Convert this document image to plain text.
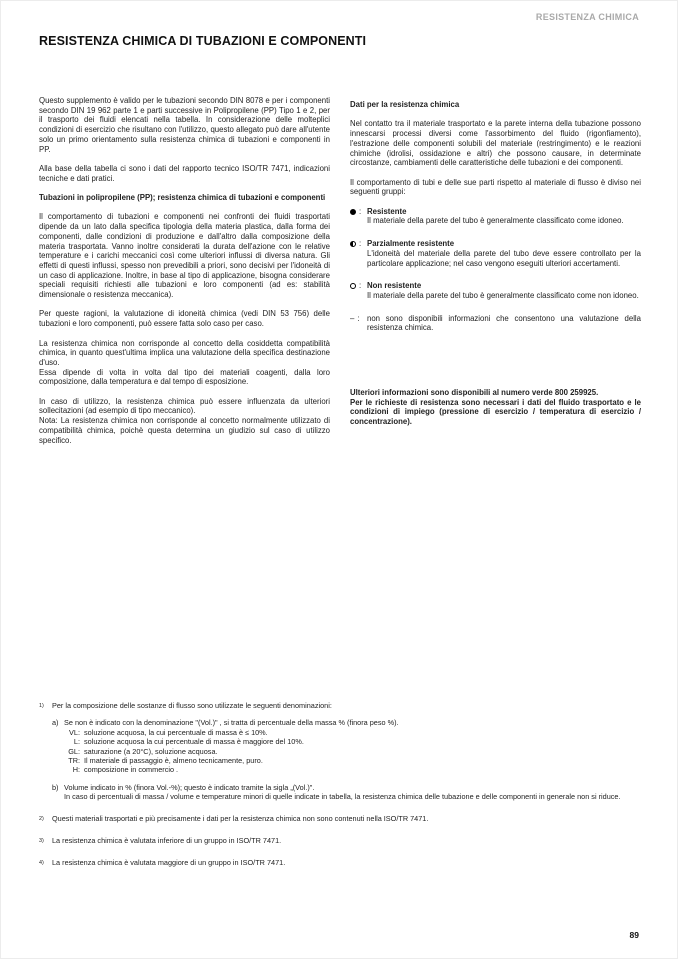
RESISTENZA CHIMICA
RESISTENZA CHIMICA DI TUBAZIONI E COMPONENTI

Questo supplemento è valido per le tubazioni secondo DIN 8078 e per i componenti secondo DIN 19 962 parte 1 e parti successive in Polipropilene (PP) Tipo 1 e 2, per il trasporto dei fluidi elencati nella tabella. In considerazione delle molteplici condizioni di esercizio che risultano con l'utilizzo, questo allegato può dare all'utente solo un primo orientamento sulla resistenza chimica di tubazioni e componenti in PP.

Alla base della tabella ci sono i dati del rapporto tecnico ISO/TR 7471, indicazioni tecniche e dati pratici.

Tubazioni in polipropilene (PP); resistenza chimica di tubazioni e componenti

Il comportamento di tubazioni e componenti nei confronti dei fluidi trasportati dipende da un lato dalla specifica tipologia della materia plastica, dalla forma dei componenti, dalle condizioni di produzione e dall'altro dalla composizione della materia trasportata. Vanno inoltre considerati la durata dell'azione con le relative temperature e i carichi meccanici così come ulteriori influssi di diversa natura. Gli effetti di questi influssi, spesso non prevedibili a priori, sono decisivi per l'idoneità di un caso di applicazione. Inoltre, in base al tipo di applicazione, bisogna considerare speciali requisiti richiesti alle tubazioni e loro componenti (ad es: stabilità dimensionale o resistenza meccanica).

Per queste ragioni, la valutazione di idoneità chimica (vedi DIN 53 756) delle tubazioni e loro componenti, può essere fatta solo caso per caso.

La resistenza chimica non corrisponde al concetto della cosiddetta compatibilità chimica, in quanto quest'ultima implica una valutazione della specifica destinazione d'uso.

Essa dipende di volta in volta dal tipo dei materiali coagenti, dalla loro composizione, dalla temperatura e dal tempo di esposizione.

In caso di utilizzo, la resistenza chimica può essere influenzata da ulteriori sollecitazioni (ad esempio di tipo meccanico).

Nota: La resistenza chimica non corrisponde al concetto normalmente utilizzato di compatibilità chimica, poichè questa determina un giudizio sul caso di utilizzo specifico.

Dati per la resistenza chimica

Nel contatto tra il materiale trasportato e la parete interna della tubazione possono innescarsi processi diversi come l'assorbimento del fluido (rigonfiamento), l'estrazione delle componenti solubili del materiale (restringimento) e le reazioni chimiche (idrolisi, ossidazione e altri) che possono causare, in determinate circostanze, cambiamenti delle caratteristiche delle tubazioni e dei componenti.

Il comportamento di tubi e delle sue parti rispetto al materiale di flusso è diviso nei seguenti gruppi:

: Resistente

Il materiale della parete del tubo è generalmente classificato come idoneo.

: Parzialmente resistente

L'idoneità del materiale della parete del tubo deve essere controllato per la particolare applicazione; nel caso vengono eseguiti ulteriori accertamenti.

: Non resistente

Il materiale della parete del tubo è generalmente classificato come non idoneo.

– : non sono disponibili informazioni che consentono una valutazione della resistenza chimica.

Ulteriori informazioni sono disponibili al numero verde 800 259925.

Per le richieste di resistenza sono necessari i dati del fluido trasportato e le condizioni di impiego (pressione di esercizio / temperatura di esercizio / concentrazione).

1)	Per la composizione delle sostanze di flusso sono utilizzate le seguenti denominazioni:

a) Se non è indicato con la denominazione "(Vol.)" , si tratta di percentuale della massa % (finora peso %).

VL: soluzione acquosa, la cui percentuale di massa è ≤ 10%.
L: soluzione acquosa la cui percentuale di massa è maggiore del 10%.
GL: saturazione (a 20°C), soluzione acquosa.
TR: Il materiale di passaggio è, almeno tecnicamente, puro.
H: composizione in commercio .
b) Volume indicato in % (finora Vol.-%); questo è indicato tramite la sigla „(Vol.)".

In caso di percentuali di massa / volume e temperature minori di quelle indicate in tabella, la resistenza chimica delle tubazione e delle componenti in generale non si riduce.

2)	Questi materiali trasportati e più precisamente i dati per la resistenza chimica non sono contenuti nella ISO/TR 7471.

3)	La resistenza chimica è valutata inferiore di un gruppo in ISO/TR 7471.

4)	La resistenza chimica è valutata maggiore di un gruppo in ISO/TR 7471.

89
